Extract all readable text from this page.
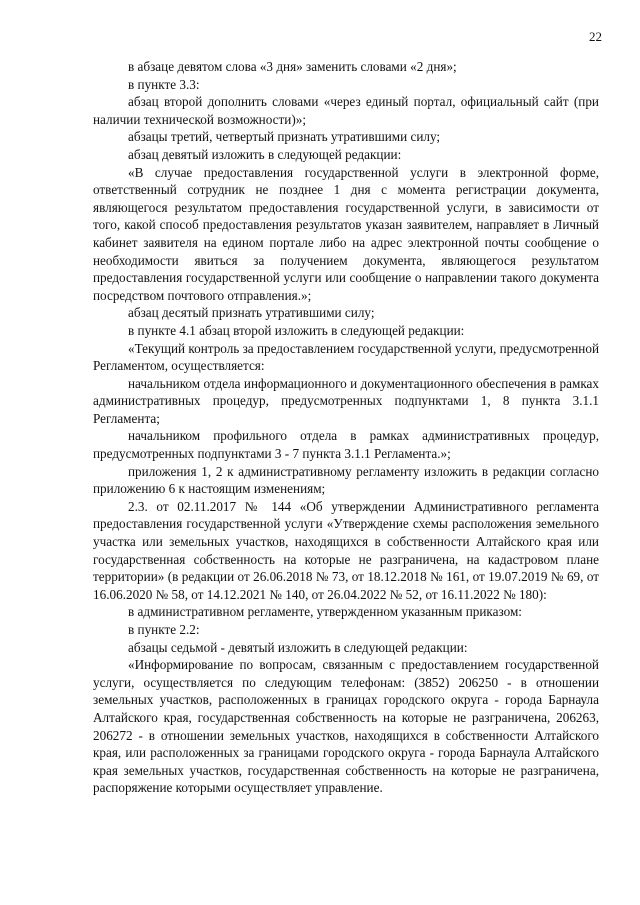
22

в абзаце девятом слова «3 дня» заменить словами «2 дня»;

в пункте 3.3:

абзац второй дополнить словами «через единый портал, официальный сайт (при наличии технической возможности)»;

абзацы третий, четвертый признать утратившими силу;

абзац девятый изложить в следующей редакции:

«В случае предоставления государственной услуги в электронной форме, ответственный сотрудник не позднее 1 дня с момента регистрации документа, являющегося результатом предоставления государственной услуги, в зависимости от того, какой способ предоставления результатов указан заявителем, направляет в Личный кабинет заявителя на едином портале либо на адрес электронной почты сообщение о необходимости явиться за получением документа, являющегося результатом предоставления государственной услуги или сообщение о направлении такого документа посредством почтового отправления.»;

абзац десятый признать утратившими силу;

в пункте 4.1 абзац второй изложить в следующей редакции:

«Текущий контроль за предоставлением государственной услуги, предусмотренной Регламентом, осуществляется:

начальником отдела информационного и документационного обеспечения в рамках административных процедур, предусмотренных подпунктами 1, 8 пункта 3.1.1 Регламента;

начальником профильного отдела в рамках административных процедур, предусмотренных подпунктами 3 - 7 пункта 3.1.1 Регламента.»;

приложения 1, 2 к административному регламенту изложить в редакции согласно приложению 6 к настоящим изменениям;

2.3. от 02.11.2017 № 144 «Об утверждении Административного регламента предоставления государственной услуги «Утверждение схемы расположения земельного участка или земельных участков, находящихся в собственности Алтайского края или государственная собственность на которые не разграничена, на кадастровом плане территории» (в редакции от 26.06.2018 № 73, от 18.12.2018 № 161, от 19.07.2019 № 69, от 16.06.2020 № 58, от 14.12.2021 № 140, от 26.04.2022 № 52, от 16.11.2022 № 180):

в административном регламенте, утвержденном указанным приказом:

в пункте 2.2:

абзацы седьмой - девятый изложить в следующей редакции:

«Информирование по вопросам, связанным с предоставлением государственной услуги, осуществляется по следующим телефонам: (3852) 206250 - в отношении земельных участков, расположенных в границах городского округа - города Барнаула Алтайского края, государственная собственность на которые не разграничена, 206263, 206272 - в отношении земельных участков, находящихся в собственности Алтайского края, или расположенных за границами городского округа - города Барнаула Алтайского края земельных участков, государственная собственность на которые не разграничена, распоряжение которыми осуществляет управление.
